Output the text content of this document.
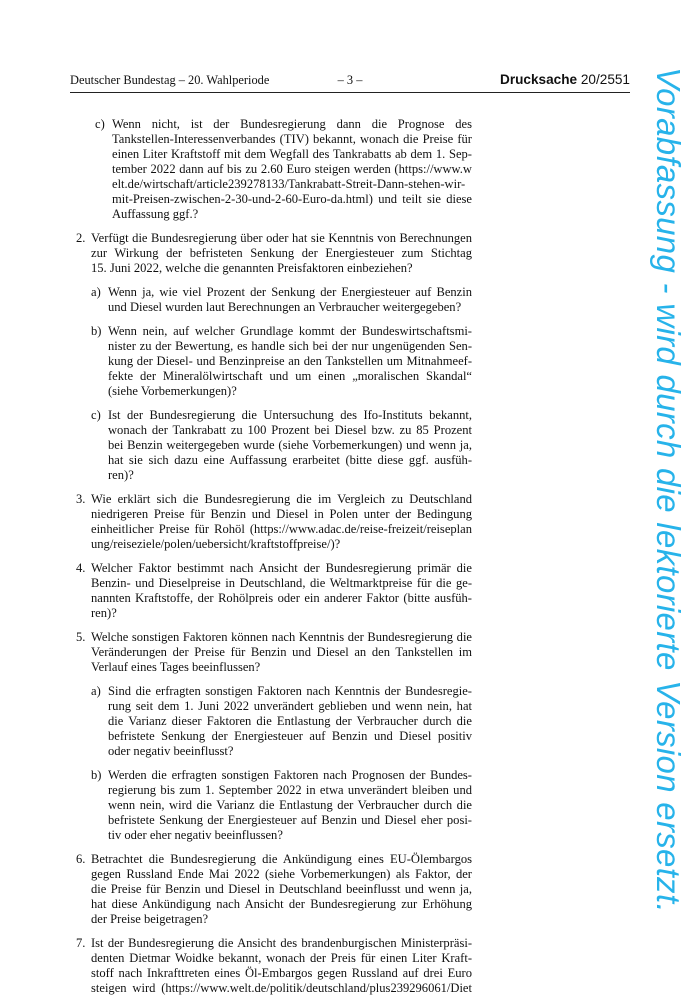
Deutscher Bundestag – 20. Wahlperiode	– 3 –	Drucksache 20/2551
c) Wenn nicht, ist der Bundesregierung dann die Prognose des
Tankstellen-Interessenverbandes (TIV) bekannt, wonach die Preise für
einen Liter Kraftstoff mit dem Wegfall des Tankrabatts ab dem 1. Sep-
tember 2022 dann auf bis zu 2.60 Euro steigen werden (https://www.w
elt.de/wirtschaft/article239278133/Tankrabatt-Streit-Dann-stehen-wir-
mit-Preisen-zwischen-2-30-und-2-60-Euro-da.html) und teilt sie diese
Auffassung ggf.?

2. Verfügt die Bundesregierung über oder hat sie Kenntnis von Berechnungen
zur Wirkung der befristeten Senkung der Energiesteuer zum Stichtag
15. Juni 2022, welche die genannten Preisfaktoren einbeziehen?

a) Wenn ja, wie viel Prozent der Senkung der Energiesteuer auf Benzin
und Diesel wurden laut Berechnungen an Verbraucher weitergegeben?

b) Wenn nein, auf welcher Grundlage kommt der Bundeswirtschaftsmi-
nister zu der Bewertung, es handle sich bei der nur ungenügenden Sen-
kung der Diesel- und Benzinpreise an den Tankstellen um Mitnahmeef-
fekte der Mineralölwirtschaft und um einen „moralischen Skandal“
(siehe Vorbemerkungen)?

c) Ist der Bundesregierung die Untersuchung des Ifo-Instituts bekannt,
wonach der Tankrabatt zu 100 Prozent bei Diesel bzw. zu 85 Prozent
bei Benzin weitergegeben wurde (siehe Vorbemerkungen) und wenn ja,
hat sie sich dazu eine Auffassung erarbeitet (bitte diese ggf. ausfüh-
ren)?

3. Wie erklärt sich die Bundesregierung die im Vergleich zu Deutschland
niedrigeren Preise für Benzin und Diesel in Polen unter der Bedingung
einheitlicher Preise für Rohöl (https://www.adac.de/reise-freizeit/reiseplan
ung/reiseziele/polen/uebersicht/kraftstoffpreise/)?

4. Welcher Faktor bestimmt nach Ansicht der Bundesregierung primär die
Benzin- und Dieselpreise in Deutschland, die Weltmarktpreise für die ge-
nannten Kraftstoffe, der Rohölpreis oder ein anderer Faktor (bitte ausfüh-
ren)?

5. Welche sonstigen Faktoren können nach Kenntnis der Bundesregierung die
Veränderungen der Preise für Benzin und Diesel an den Tankstellen im
Verlauf eines Tages beeinflussen?

a) Sind die erfragten sonstigen Faktoren nach Kenntnis der Bundesregie-
rung seit dem 1. Juni 2022 unverändert geblieben und wenn nein, hat
die Varianz dieser Faktoren die Entlastung der Verbraucher durch die
befristete Senkung der Energiesteuer auf Benzin und Diesel positiv
oder negativ beeinflusst?

b) Werden die erfragten sonstigen Faktoren nach Prognosen der Bundes-
regierung bis zum 1. September 2022 in etwa unverändert bleiben und
wenn nein, wird die Varianz die Entlastung der Verbraucher durch die
befristete Senkung der Energiesteuer auf Benzin und Diesel eher posi-
tiv oder eher negativ beeinflussen?

6. Betrachtet die Bundesregierung die Ankündigung eines EU-Ölembargos
gegen Russland Ende Mai 2022 (siehe Vorbemerkungen) als Faktor, der
die Preise für Benzin und Diesel in Deutschland beeinflusst und wenn ja,
hat diese Ankündigung nach Ansicht der Bundesregierung zur Erhöhung
der Preise beigetragen?

7. Ist der Bundesregierung die Ansicht des brandenburgischen Ministerpräsi-
denten Dietmar Woidke bekannt, wonach der Preis für einen Liter Kraft-
stoff nach Inkrafttreten eines Öl-Embargos gegen Russland auf drei Euro
steigen wird (https://www.welt.de/politik/deutschland/plus239296061/Diet

Vorabfassung - wird durch die lektorierte Version ersetzt.
